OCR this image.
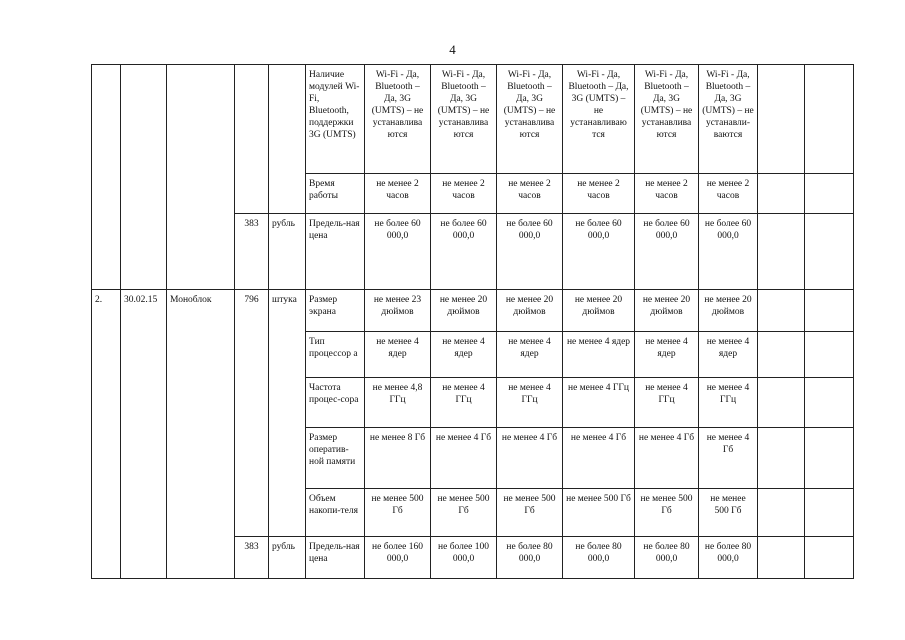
4
					Наличие модулей Wi-Fi, Bluetooth, поддержки 3G (UMTS)	Wi-Fi - Да, Bluetooth – Да, 3G (UMTS) – не устанавлива ются	Wi-Fi - Да, Bluetooth – Да, 3G (UMTS) – не устанавлива ются	Wi-Fi - Да, Bluetooth – Да, 3G (UMTS) – не устанавлива ются	Wi-Fi - Да, Bluetooth – Да, 3G (UMTS) – не устанавливаю тся	Wi-Fi - Да, Bluetooth – Да, 3G (UMTS) – не устанавлива ются	Wi-Fi - Да, Bluetooth – Да, 3G (UMTS) – не устанавли-ваются		
					Время работы	не менее 2 часов	не менее 2 часов	не менее 2 часов	не менее 2 часов	не менее 2 часов	не менее 2 часов		
			383	рубль	Предель-ная цена	не более 60 000,0	не более 60 000,0	не более 60 000,0	не более 60 000,0	не более 60 000,0	не более 60 000,0		
2.	30.02.15	Моноблок	796	штука	Размер экрана	не менее 23 дюймов	не менее 20 дюймов	не менее 20 дюймов	не менее 20 дюймов	не менее 20 дюймов	не менее 20 дюймов		
					Тип процессор а	не менее 4 ядер	не менее 4 ядер	не менее 4 ядер	не менее 4 ядер	не менее 4 ядер	не менее 4 ядер		
					Частота процес-сора	не менее 4,8 ГГц	не менее 4 ГГц	не менее 4 ГГц	не менее 4 ГГц	не менее 4 ГГц	не менее 4 ГГц		
					Размер оператив-ной памяти	не менее 8 Гб	не менее 4 Гб	не менее 4 Гб	не менее 4 Гб	не менее 4 Гб	не менее 4 Гб		
					Объем накопи-теля	не менее 500 Гб	не менее 500 Гб	не менее 500 Гб	не менее 500 Гб	не менее 500 Гб	не менее 500 Гб		
			383	рубль	Предель-ная цена	не более 160 000,0	не более 100 000,0	не более 80 000,0	не более 80 000,0	не более 80 000,0	не более 80 000,0		
